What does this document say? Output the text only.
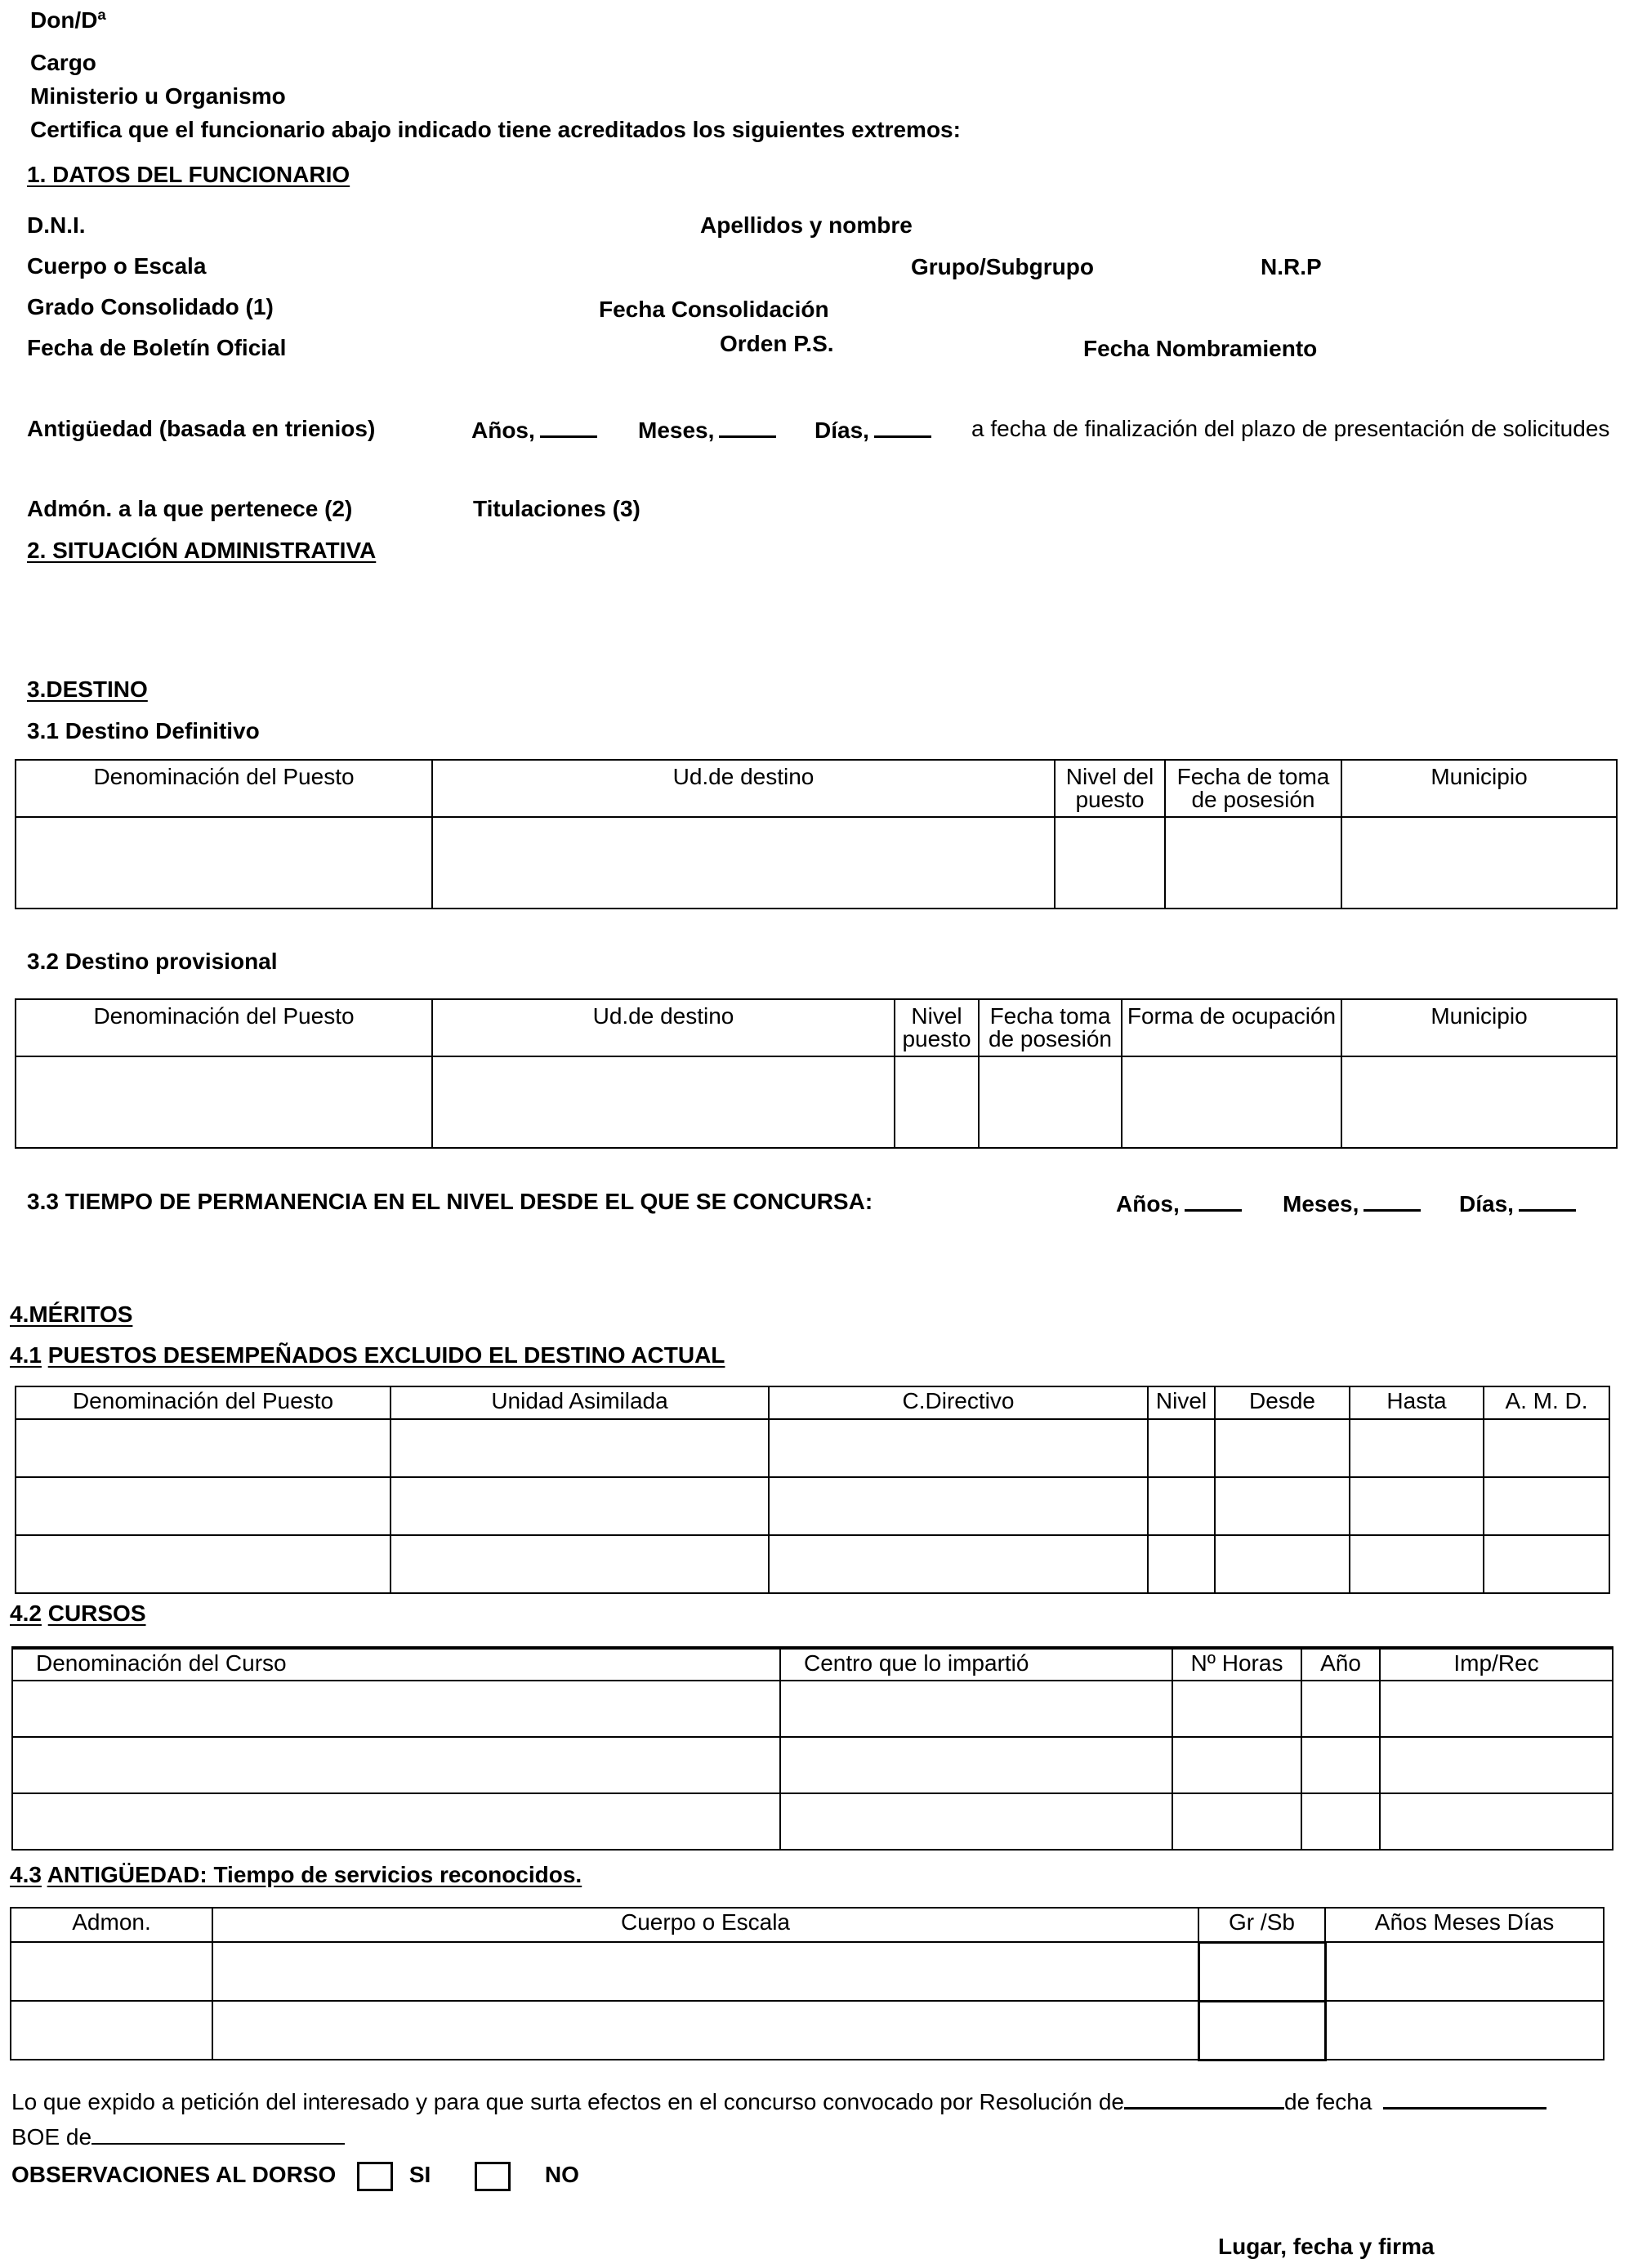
Don/Dª
Cargo
Ministerio u Organismo
Certifica que el funcionario abajo indicado tiene acreditados los siguientes extremos:
1. DATOS DEL FUNCIONARIO
D.N.I.	Apellidos y nombre
Cuerpo o Escala	Grupo/Subgrupo	N.R.P
Grado Consolidado (1)	Fecha Consolidación
Fecha de Boletín Oficial	Orden P.S.	Fecha Nombramiento
Antigüedad (basada en trienios)	Años,	Meses,	Días,	a fecha de finalización del plazo de presentación de solicitudes
Admón. a la que pertenece (2)	Titulaciones (3)
2. SITUACIÓN ADMINISTRATIVA
3.DESTINO
3.1 Destino Definitivo
Denominación del Puesto	Ud.de destino	Nivel del puesto	Fecha de toma de posesión	Municipio

3.2 Destino provisional
Denominación del Puesto	Ud.de destino	Nivel puesto	Fecha toma de posesión	Forma de ocupación	Municipio

3.3 TIEMPO DE PERMANENCIA EN EL NIVEL DESDE EL QUE SE CONCURSA:	Años,	Meses,	Días,
4.MÉRITOS
4.1 PUESTOS DESEMPEÑADOS EXCLUIDO EL DESTINO ACTUAL
Denominación del Puesto	Unidad Asimilada	C.Directivo	Nivel	Desde	Hasta	A. M. D.

4.2 CURSOS
Denominación del Curso	Centro que lo impartió	Nº Horas	Año	Imp/Rec

4.3 ANTIGÜEDAD: Tiempo de servicios reconocidos.
Admon.	Cuerpo o Escala	Gr /Sb	Años Meses Días

Lo que expido a petición del interesado y para que surta efectos en el concurso convocado por Resolución de	de fecha
BOE de
OBSERVACIONES AL DORSO	SI	NO
Lugar, fecha y firma
